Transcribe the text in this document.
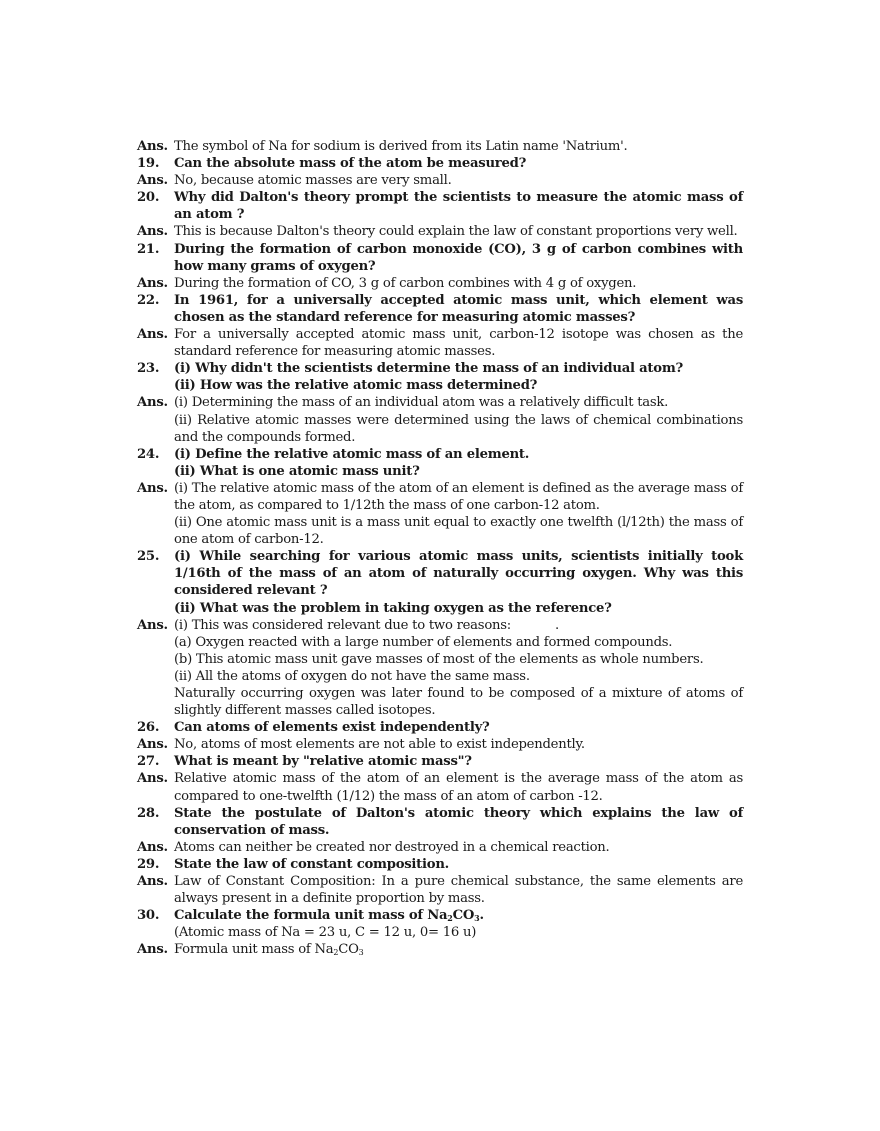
Ans. The symbol of Na for sodium is derived from its Latin name 'Natrium'.
19.	Can the absolute mass of the atom be measured?
Ans. No, because atomic masses are very small.
20.	Why did Dalton's theory prompt the scientists to measure the atomic mass of an atom ?
Ans. This is because Dalton's theory could explain the law of constant proportions very well.
21.	During the formation of carbon monoxide (CO), 3 g of carbon combines with how many grams of oxygen?
Ans. During the formation of CO, 3 g of carbon combines with 4 g of oxygen.
22.	In 1961, for a universally accepted atomic mass unit, which element was chosen as the standard reference for measuring atomic masses?
Ans. For a universally accepted atomic mass unit, carbon-12 isotope was chosen as the standard reference for measuring atomic masses.
23.	(i) Why didn't the scientists determine the mass of an individual atom?
(ii) How was the relative atomic mass determined?
Ans. (i) Determining the mass of an individual atom was a relatively difficult task.
(ii) Relative atomic masses were determined using the laws of chemical combinations and the compounds formed.
24.	(i) Define the relative atomic mass of an element.
(ii) What is one atomic mass unit?
Ans. (i) The relative atomic mass of the atom of an element is defined as the average mass of the atom, as compared to 1/12th the mass of one carbon-12 atom.
(ii) One atomic mass unit is a mass unit equal to exactly one twelfth (l/12th) the mass of one atom of carbon-12.
25.	(i) While searching for various atomic mass units, scientists initially took 1/16th of the mass of an atom of naturally occurring oxygen. Why was this considered relevant ?
(ii) What was the problem in taking oxygen as the reference?
Ans. (i) This was considered relevant due to two reasons:	.
(a) Oxygen reacted with a large number of elements and formed compounds.
(b) This atomic mass unit gave masses of most of the elements as whole numbers.
(ii) All the atoms of oxygen do not have the same mass.
Naturally occurring oxygen was later found to be composed of a mixture of atoms of slightly different masses called isotopes.
26.	Can atoms of elements exist independently?
Ans. No, atoms of most elements are not able to exist independently.
27.	What is meant by "relative atomic mass"?
Ans. Relative atomic mass of the atom of an element is the average mass of the atom as compared to one-twelfth (1/12) the mass of an atom of carbon -12.
28.	State the postulate of Dalton's atomic theory which explains the law of conservation of mass.
Ans. Atoms can neither be created nor destroyed in a chemical reaction.
29.	State the law of constant composition.
Ans. Law of Constant Composition: In a pure chemical substance, the same elements are always present in a definite proportion by mass.
30.	Calculate the formula unit mass of $Na_2CO_3$.
(Atomic mass of Na = 23 u, C = 12 u, 0= 16 u)
Ans. Formula unit mass of $Na_2CO_3$
